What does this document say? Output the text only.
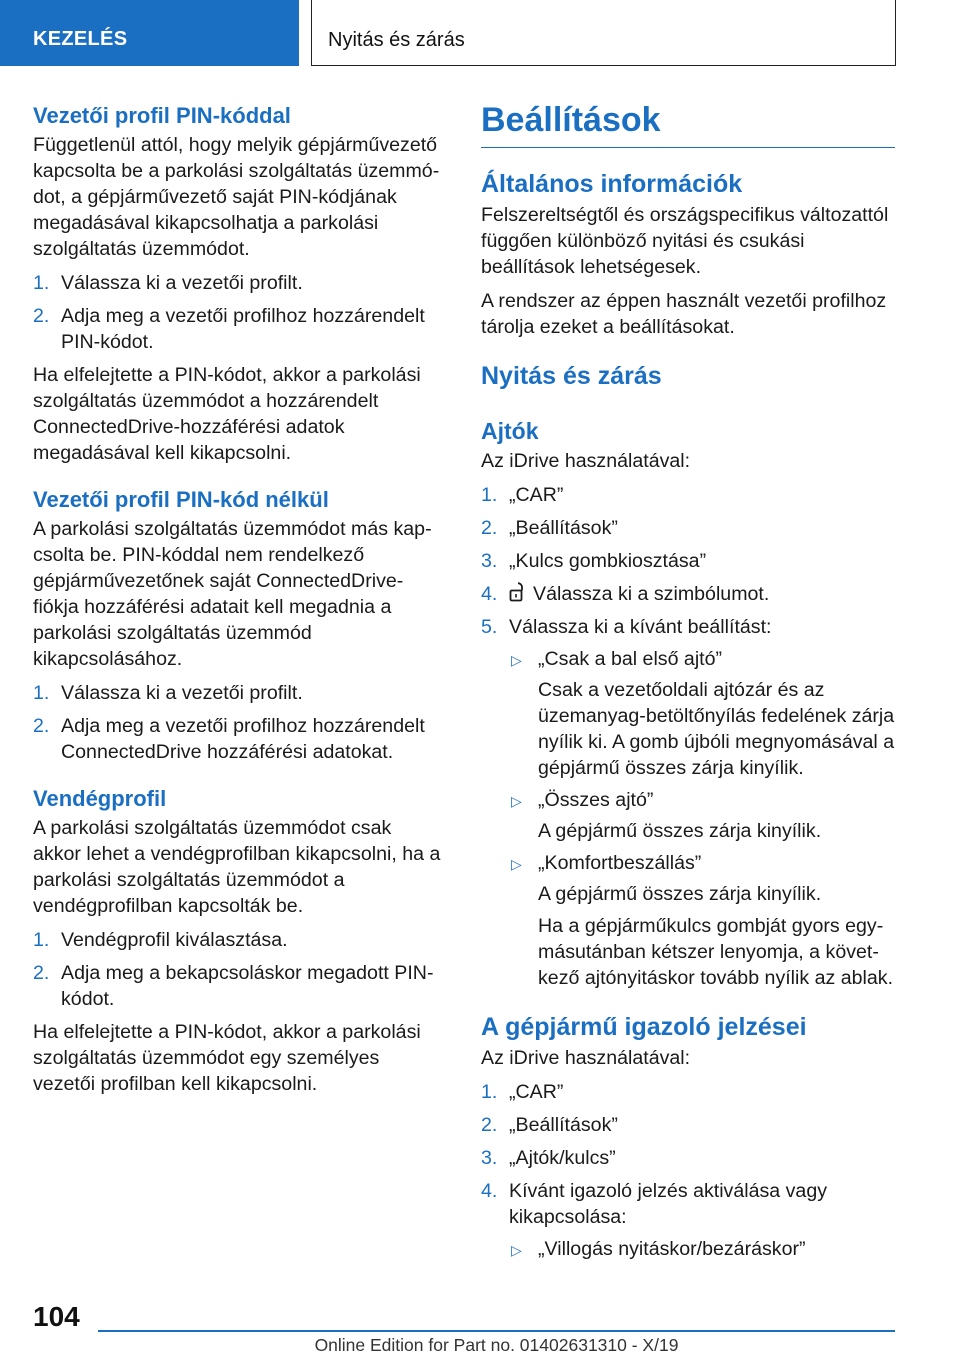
KEZELÉS	Nyitás és zárás
Vezetői profil PIN-kóddal

Függetlenül attól, hogy melyik gépjárművezető kapcsolta be a parkolási szolgáltatás üzemmódot, a gépjárművezető saját PIN-kódjának megadásával kikapcsolhatja a parkolási szolgáltatás üzemmódot.

1. Válassza ki a vezetői profilt.
2. Adja meg a vezetői profilhoz hozzárendelt PIN-kódot.

Ha elfelejtette a PIN-kódot, akkor a parkolási szolgáltatás üzemmódot a hozzárendelt ConnectedDrive-hozzáférési adatok megadásával kell kikapcsolni.

Vezetői profil PIN-kód nélkül

A parkolási szolgáltatás üzemmódot más kapcsolta be. PIN-kóddal nem rendelkező gépjárművezetőnek saját ConnectedDrive-fiókja hozzáférési adatait kell megadnia a parkolási szolgáltatás üzemmód kikapcsolásához.

1. Válassza ki a vezetői profilt.
2. Adja meg a vezetői profilhoz hozzárendelt ConnectedDrive hozzáférési adatokat.
Vendégprofil

A parkolási szolgáltatás üzemmódot csak akkor lehet a vendégprofilban kikapcsolni, ha a parkolási szolgáltatás üzemmódot a vendégprofilban kapcsolták be.

1. Vendégprofil kiválasztása.
2. Adja meg a bekapcsoláskor megadott PIN-kódot.

Ha elfelejtette a PIN-kódot, akkor a parkolási szolgáltatás üzemmódot egy személyes vezetői profilban kell kikapcsolni.

Beállítások
Általános információk

Felszereltségtől és országspecifikus változattól függően különböző nyitási és csukási beállítások lehetségesek.

A rendszer az éppen használt vezetői profilhoz tárolja ezeket a beállításokat.

Nyitás és zárás
Ajtók

Az iDrive használatával:

1. „CAR”
2. „Beállítások”
3. „Kulcs gombkiosztása”
4. Válassza ki a szimbólumot.
5. Válassza ki a kívánt beállítást:
▷ „Csak a bal első ajtó”
Csak a vezetőoldali ajtózár és az üzemanyag-betöltőnyílás fedelének zárja nyílik ki. A gomb újbóli megnyomásával a gépjármű összes zárja kinyílik.
▷ „Összes ajtó”
A gépjármű összes zárja kinyílik.
▷ „Komfortbeszállás”
A gépjármű összes zárja kinyílik.
Ha a gépjárműkulcs gombját gyors egymásutánban kétszer lenyomja, a következő ajtónyitáskor tovább nyílik az ablak.
A gépjármű igazoló jelzései

Az iDrive használatával:

1. „CAR”
2. „Beállítások”
3. „Ajtók/kulcs”
4. Kívánt igazoló jelzés aktiválása vagy kikapcsolása:
▷ „Villogás nyitáskor/bezáráskor”
104
Online Edition for Part no. 01402631310 - X/19
